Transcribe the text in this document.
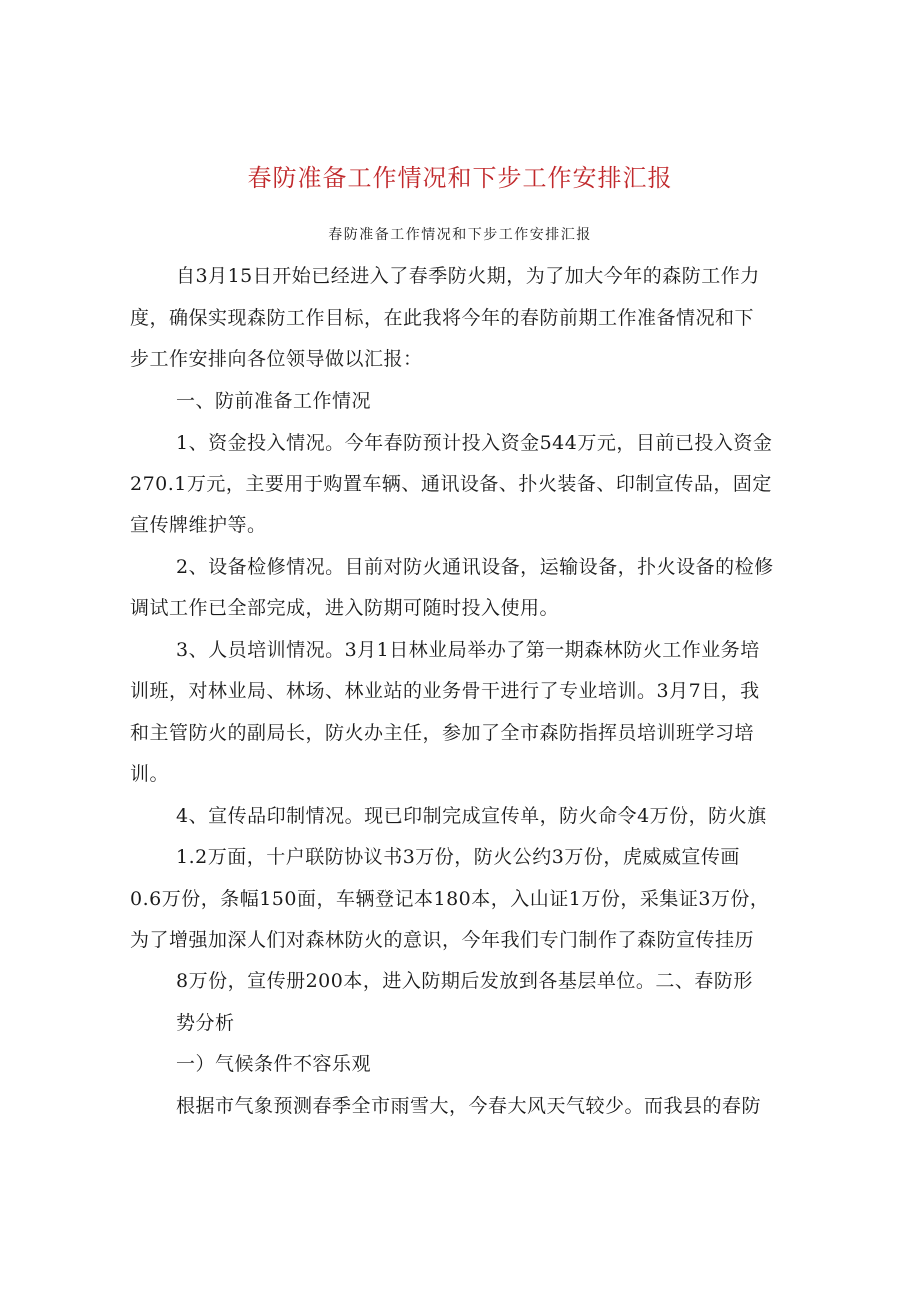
春防准备工作情况和下步工作安排汇报
春防准备工作情况和下步工作安排汇报
自3月15日开始已经进入了春季防火期，为了加大今年的森防工作力
度，确保实现森防工作目标，在此我将今年的春防前期工作准备情况和下
步工作安排向各位领导做以汇报：
一、防前准备工作情况
1、资金投入情况。今年春防预计投入资金544万元，目前已投入资金
270.1万元，主要用于购置车辆、通讯设备、扑火装备、印制宣传品，固定
宣传牌维护等。
2、设备检修情况。目前对防火通讯设备，运输设备，扑火设备的检修
调试工作已全部完成，进入防期可随时投入使用。
3、人员培训情况。3月1日林业局举办了第一期森林防火工作业务培
训班，对林业局、林场、林业站的业务骨干进行了专业培训。3月7日，我
和主管防火的副局长，防火办主任，参加了全市森防指挥员培训班学习培
训。
4、宣传品印制情况。现已印制完成宣传单，防火命令4万份，防火旗
1.2万面，十户联防协议书3万份，防火公约3万份，虎威威宣传画
0.6万份，条幅150面，车辆登记本180本，入山证1万份，采集证3万份，
为了增强加深人们对森林防火的意识，今年我们专门制作了森防宣传挂历
8万份，宣传册200本，进入防期后发放到各基层单位。二、春防形
势分析
一）气候条件不容乐观
根据市气象预测春季全市雨雪大，今春大风天气较少。而我县的春防
